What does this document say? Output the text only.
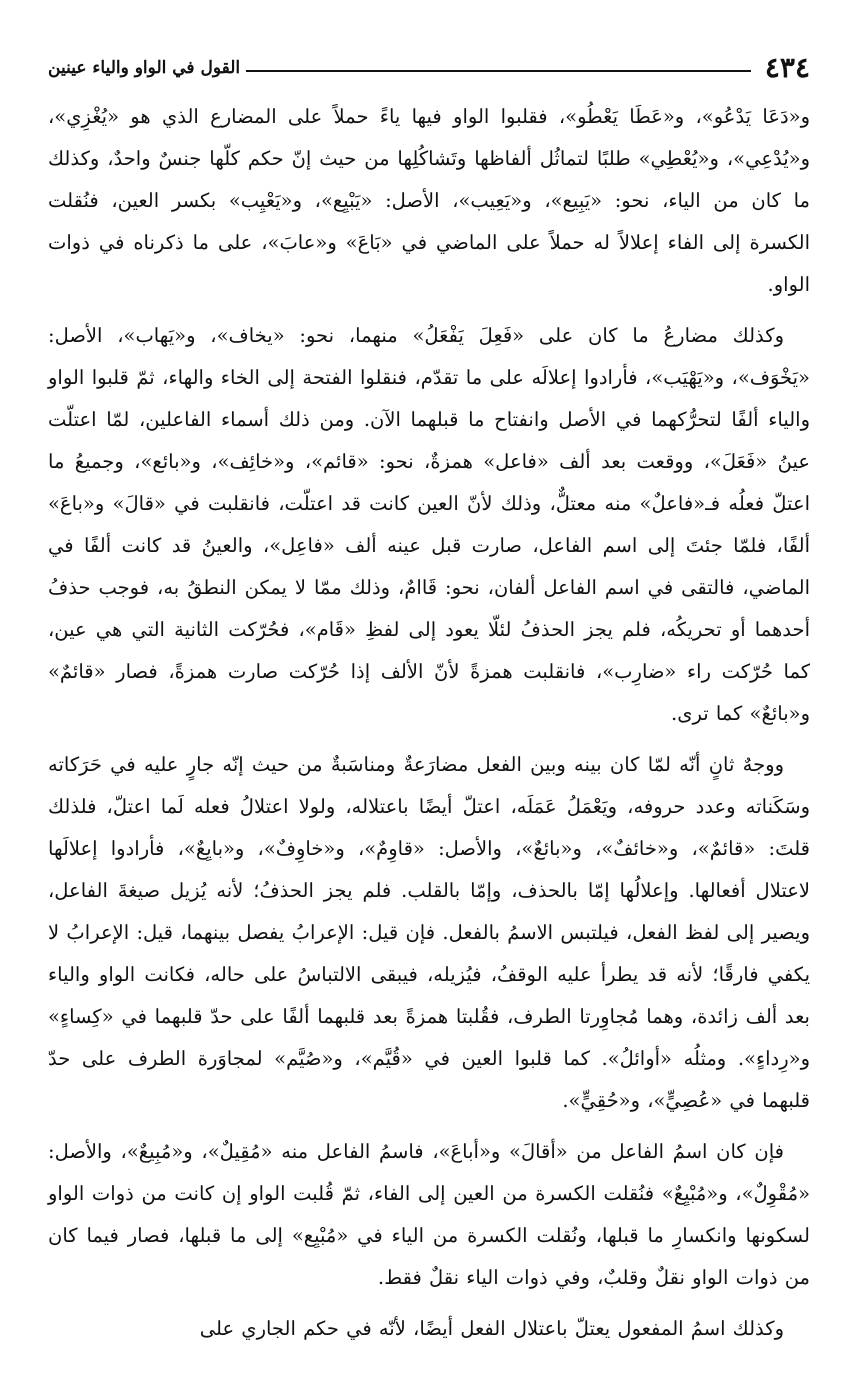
٤٣٤
القول في الواو والياء عينين

و«دَعَا يَدْعُو»، و«عَطَا يَعْطُو»، فقلبوا الواو فيها ياءً حملاً على المضارع الذي هو «يُغْزِي»، و«يُدْعِي»، و«يُعْطِي» طلبًا لتماثُل ألفاظها وتَشاكُلِها من حيث إنّ حكم كلّها جنسٌ واحدٌ، وكذلك ما كان من الياء، نحو: «يَبِيع»، و«يَعِيب»، الأصل: «يَبْيِع»، و«يَعْيِب» بكسر العين، فنُقلت الكسرة إلى الفاء إعلالاً له حملاً على الماضي في «بَاعَ» و«عابَ»، على ما ذكرناه في ذوات الواو.

وكذلك مضارعُ ما كان على «فَعِلَ يَفْعَلُ» منهما، نحو: «يخاف»، و«يَهاب»، الأصل: «يَخْوَف»، و«يَهْيَب»، فأرادوا إعلالَه على ما تقدّم، فنقلوا الفتحة إلى الخاء والهاء، ثمّ قلبوا الواو والياء ألفًا لتحرُّكهما في الأصل وانفتاح ما قبلهما الآن. ومن ذلك أسماء الفاعلين، لمّا اعتلّت عينُ «فَعَلَ»، ووقعت بعد ألف «فاعل» همزةٌ، نحو: «قائم»، و«خائِف»، و«بائع»، وجميعُ ما اعتلّ فعلُه فـ«فاعلٌ» منه معتلٌّ، وذلك لأنّ العين كانت قد اعتلّت، فانقلبت في «قالَ» و«باعَ» ألفًا، فلمّا جئتَ إلى اسم الفاعل، صارت قبل عينه ألف «فاعِل»، والعينُ قد كانت ألفًا في الماضي، فالتقى في اسم الفاعل ألفان، نحو: قَاامٌ، وذلك ممّا لا يمكن النطقُ به، فوجب حذفُ أحدهما أو تحريكُه، فلم يجز الحذفُ لئلّا يعود إلى لفظِ «قَام»، فحُرّكت الثانية التي هي عين، كما حُرّكت راء «ضارِب»، فانقلبت همزةً لأنّ الألف إذا حُرّكت صارت همزةً، فصار «قائمٌ» و«بائعٌ» كما ترى.

ووجهٌ ثانٍ أنّه لمّا كان بينه وبين الفعل مضارَعةٌ ومناسَبةٌ من حيث إنّه جارٍ عليه في حَرَكاته وسَكَناته وعدد حروفه، ويَعْمَلُ عَمَلَه، اعتلّ أيضًا باعتلاله، ولولا اعتلالُ فعله لَما اعتلّ، فلذلك قلتَ: «قائمٌ»، و«خائفٌ»، و«بائعٌ»، والأصل: «قاوِمٌ»، و«خاوِفٌ»، و«بايِعٌ»، فأرادوا إعلالَها لاعتلال أفعالها. وإعلالُها إمّا بالحذف، وإمّا بالقلب. فلم يجز الحذفُ؛ لأنه يُزيل صيغةَ الفاعل، ويصير إلى لفظ الفعل، فيلتبس الاسمُ بالفعل. فإن قيل: الإعرابُ يفصل بينهما، قيل: الإعرابُ لا يكفي فارقًا؛ لأنه قد يطرأ عليه الوقفُ، فيُزيله، فيبقى الالتباسُ على حاله، فكانت الواو والياء بعد ألف زائدة، وهما مُجاوِرتا الطرف، فقُلبتا همزةً بعد قلبهما ألفًا على حدّ قلبهما في «كِساءٍ» و«رِداءٍ». ومثلُه «أوائلُ». كما قلبوا العين في «قُيَّم»، و«صُيَّم» لمجاوَرة الطرف على حدّ قلبهما في «عُصِيٍّ»، و«حُقِيٍّ».

فإن كان اسمُ الفاعل من «أقالَ» و«أباعَ»، فاسمُ الفاعل منه «مُقِيلٌ»، و«مُبِيعٌ»، والأصل: «مُقْوِلٌ»، و«مُبْيِعٌ» فنُقلت الكسرة من العين إلى الفاء، ثمّ قُلبت الواو إن كانت من ذوات الواو لسكونها وانكسارِ ما قبلها، ونُقلت الكسرة من الياء في «مُبْيِع» إلى ما قبلها، فصار فيما كان من ذوات الواو نقلٌ وقلبٌ، وفي ذوات الياء نقلٌ فقط.

وكذلك اسمُ المفعول يعتلّ باعتلال الفعل أيضًا، لأنّه في حكم الجاري على
